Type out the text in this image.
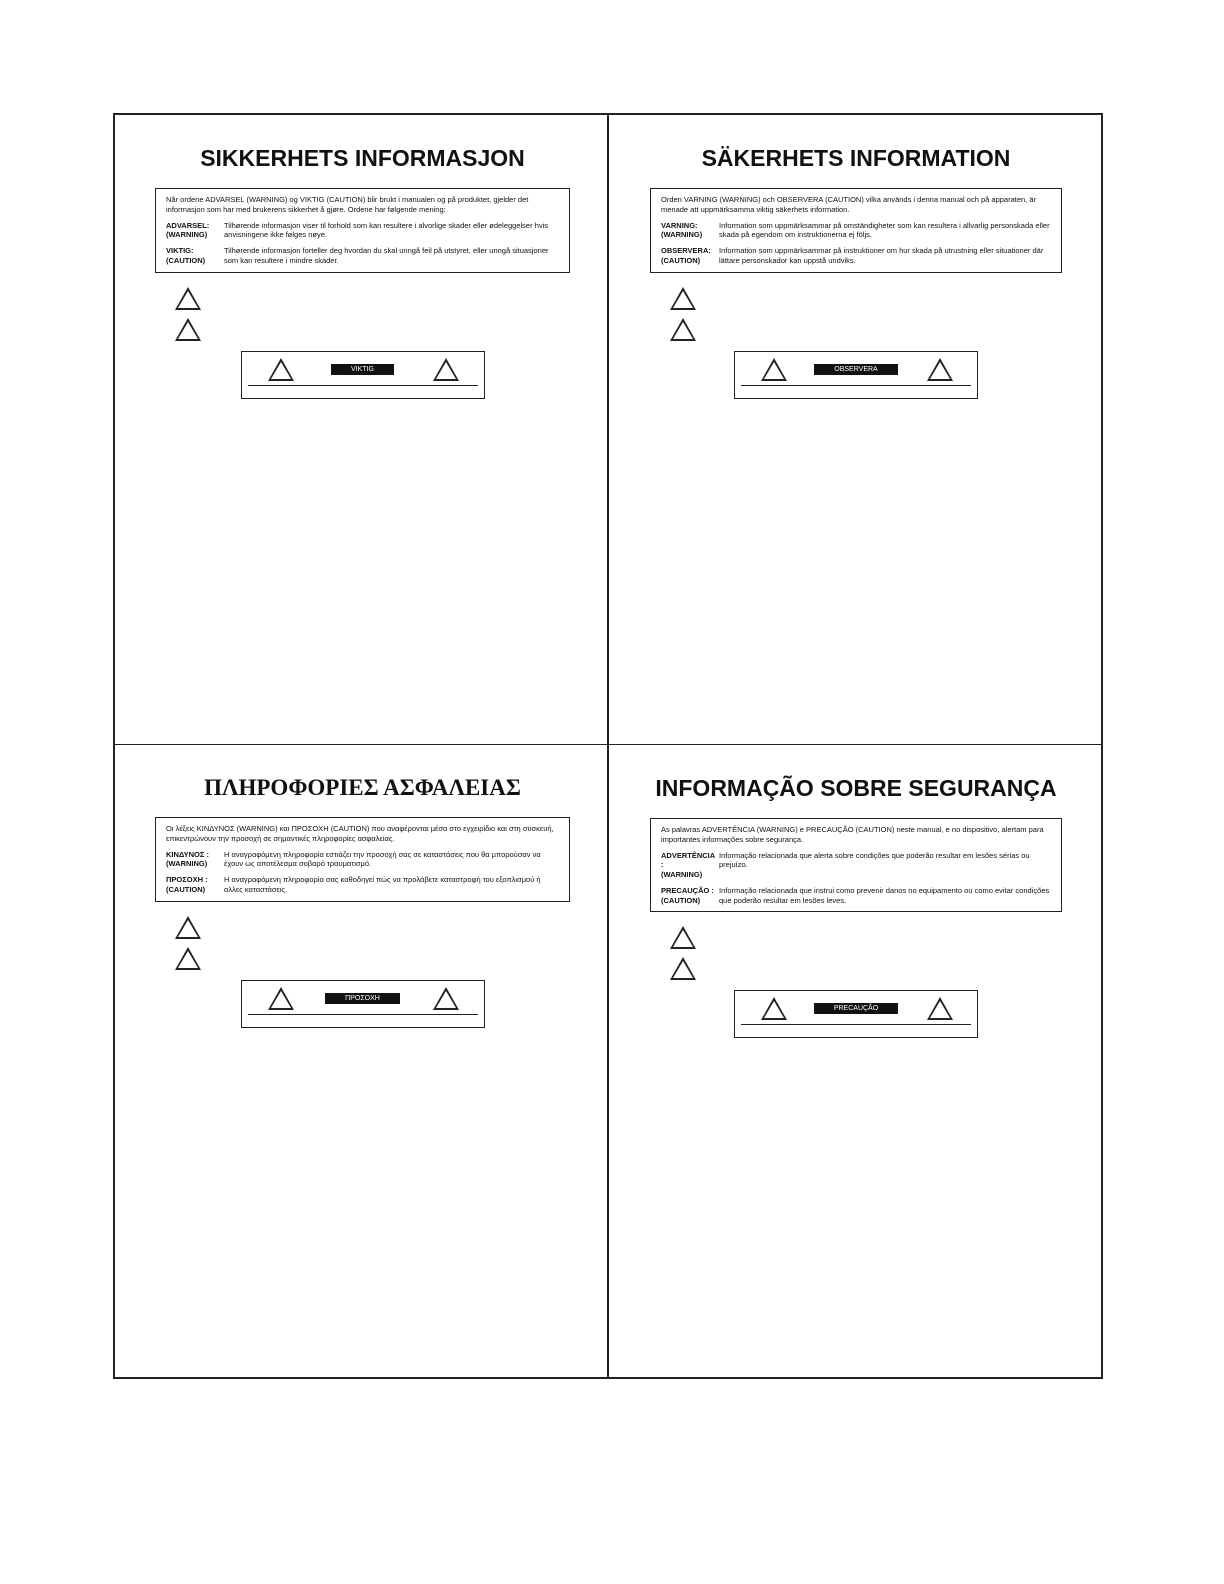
SIKKERHETS INFORMASJON
Når ordene ADVARSEL (WARNING) og VIKTIG (CAUTION) blir brukt i manualen og på produktet, gjelder det informasjon som har med brukerens sikkerhet å gjøre. Ordene har følgende mening:
ADVARSEL:
(WARNING)
Tilhørende informasjon viser til forhold som kan resultere i alvorlige skader eller ødeleggelser hvis anvisningene ikke følges nøye.
VIKTIG:
(CAUTION)
Tilhørende informasjon forteller deg hvordan du skal unngå feil på utstyret, eller unngå situasjoner som kan resultere i mindre skader.
VIKTIG
SÄKERHETS INFORMATION
Orden VARNING (WARNING) och OBSERVERA (CAUTION) vilka används i denna manual och på apparaten, är menade att uppmärksamma viktig säkerhets information.
VARNING:
(WARNING)
Information som uppmärksammar på omständigheter som kan resultera i allvarlig personskada eller skada på egendom om instruktionerna ej följs.
OBSERVERA:
(CAUTION)
Information som uppmärksammar på instruktioner om hur skada på utrustning eller situationer där lättare personskador kan uppstå undviks.
OBSERVERA
ΠΛΗΡΟΦΟΡΙΕΣ ΑΣΦΑΛΕΙΑΣ
Οι λέξεις ΚΙΝΔΥΝΟΣ (WARNING) και ΠΡΟΣΟΧΗ (CAUTION) που αναφέρονται μέσα στο εγχειρίδιο και στη συσκευή, επικεντρώνουν την προσοχή σε σημαντικές πληροφορίες ασφαλείας.
ΚΙΝΔΥΝΟΣ :
(WARNING)
Η αναγραφόμενη πληροφορία εστιάζει την προσοχή σας σε καταστάσεις που θα μπορούσαν να έχουν ως αποτέλεσμα σοβαρό τραυματισμό.
ΠΡΟΣΟΧΗ :
(CAUTION)
Η αναγραφόμενη πληροφορία σας καθοδηγεί πώς να προλάβετε καταστροφή του εξοπλισμού ή αλλες καταστάσεις.
ΠΡΟΣΟΧΗ
INFORMAÇÃO SOBRE SEGURANÇA
As palavras ADVERTÊNCIA (WARNING) e PRECAUÇÃO (CAUTION) neste manual, e no dispositivo, alertam para importantes informações sobre segurança.
ADVERTÊNCIA :
(WARNING)
Informação relacionada que alerta sobre condições que poderão resultar em lesões sérias ou prejuízo.
PRECAUÇÃO :
(CAUTION)
Informação relacionada que instrui como prevenir danos no equipamento ou como evitar condições que poderão resultar em lesões leves.
PRECAUÇÃO
